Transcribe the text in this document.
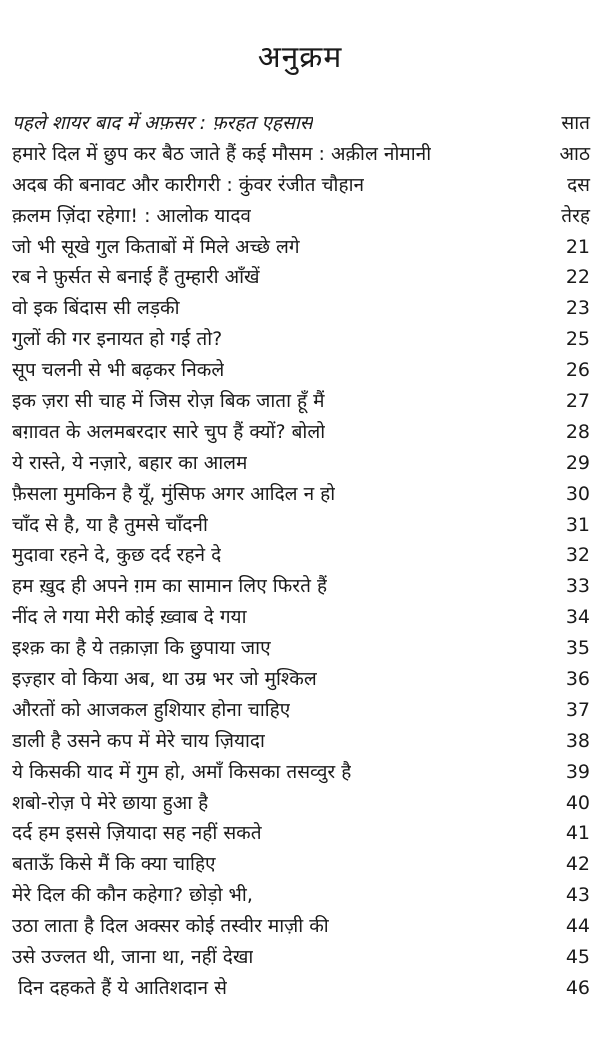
अनुक्रम
पहले शायर बाद में अफ़सर : फ़रहत एहसास	सात
हमारे दिल में छुप कर बैठ जाते हैं कई मौसम : अक़ील नोमानी	आठ
अदब की बनावट और कारीगरी : कुंवर रंजीत चौहान	दस
क़लम ज़िंदा रहेगा! : आलोक यादव	तेरह
जो भी सूखे गुल किताबों में मिले अच्छे लगे	21
रब ने फ़ुर्सत से बनाई हैं तुम्हारी आँखें	22
वो इक बिंदास सी लड़की	23
गुलों की गर इनायत हो गई तो?	25
सूप चलनी से भी बढ़कर निकले	26
इक ज़रा सी चाह में जिस रोज़ बिक जाता हूँ मैं	27
बग़ावत के अलमबरदार सारे चुप हैं क्यों? बोलो	28
ये रास्ते, ये नज़ारे, बहार का आलम	29
फ़ैसला मुमकिन है यूँ, मुंसिफ अगर आदिल न हो	30
चाँद से है, या है तुमसे चाँदनी	31
मुदावा रहने दे, कुछ दर्द रहने दे	32
हम ख़ुद ही अपने ग़म का सामान लिए फिरते हैं	33
नींद ले गया मेरी कोई ख़्वाब दे गया	34
इश्क़ का है ये तक़ाज़ा कि छुपाया जाए	35
इज़्हार वो किया अब, था उम्र भर जो मुश्किल	36
औरतों को आजकल हुशियार होना चाहिए	37
डाली है उसने कप में मेरे चाय ज़ियादा	38
ये किसकी याद में गुम हो, अमाँ किसका तसव्वुर है	39
शबो-रोज़ पे मेरे छाया हुआ है	40
दर्द हम इससे ज़ियादा सह नहीं सकते	41
बताऊँ किसे मैं कि क्या चाहिए	42
मेरे दिल की कौन कहेगा? छोड़ो भी,	43
उठा लाता है दिल अक्सर कोई तस्वीर माज़ी की	44
उसे उज्लत थी, जाना था, नहीं देखा	45
दिन दहकते हैं ये आतिशदान से	46
